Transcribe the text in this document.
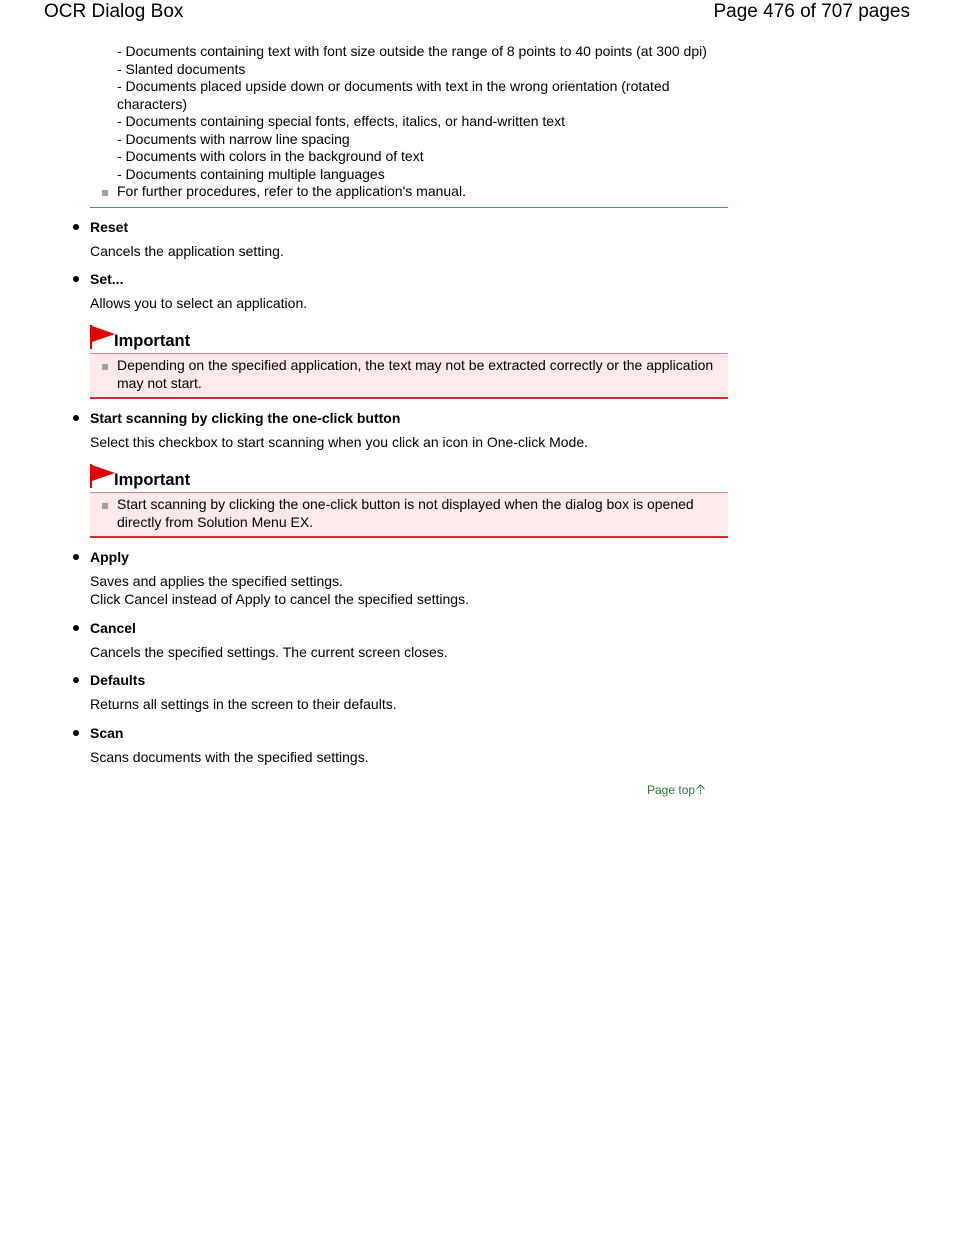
OCR Dialog Box	Page 476 of 707 pages
- Documents containing text with font size outside the range of 8 points to 40 points (at 300 dpi)
- Slanted documents
- Documents placed upside down or documents with text in the wrong orientation (rotated characters)
- Documents containing special fonts, effects, italics, or hand-written text
- Documents with narrow line spacing
- Documents with colors in the background of text
- Documents containing multiple languages
For further procedures, refer to the application's manual.
Reset
Cancels the application setting.
Set...
Allows you to select an application.
Important
Depending on the specified application, the text may not be extracted correctly or the application may not start.
Start scanning by clicking the one-click button
Select this checkbox to start scanning when you click an icon in One-click Mode.
Important
Start scanning by clicking the one-click button is not displayed when the dialog box is opened directly from Solution Menu EX.
Apply
Saves and applies the specified settings.
Click Cancel instead of Apply to cancel the specified settings.
Cancel
Cancels the specified settings. The current screen closes.
Defaults
Returns all settings in the screen to their defaults.
Scan
Scans documents with the specified settings.
Page top
